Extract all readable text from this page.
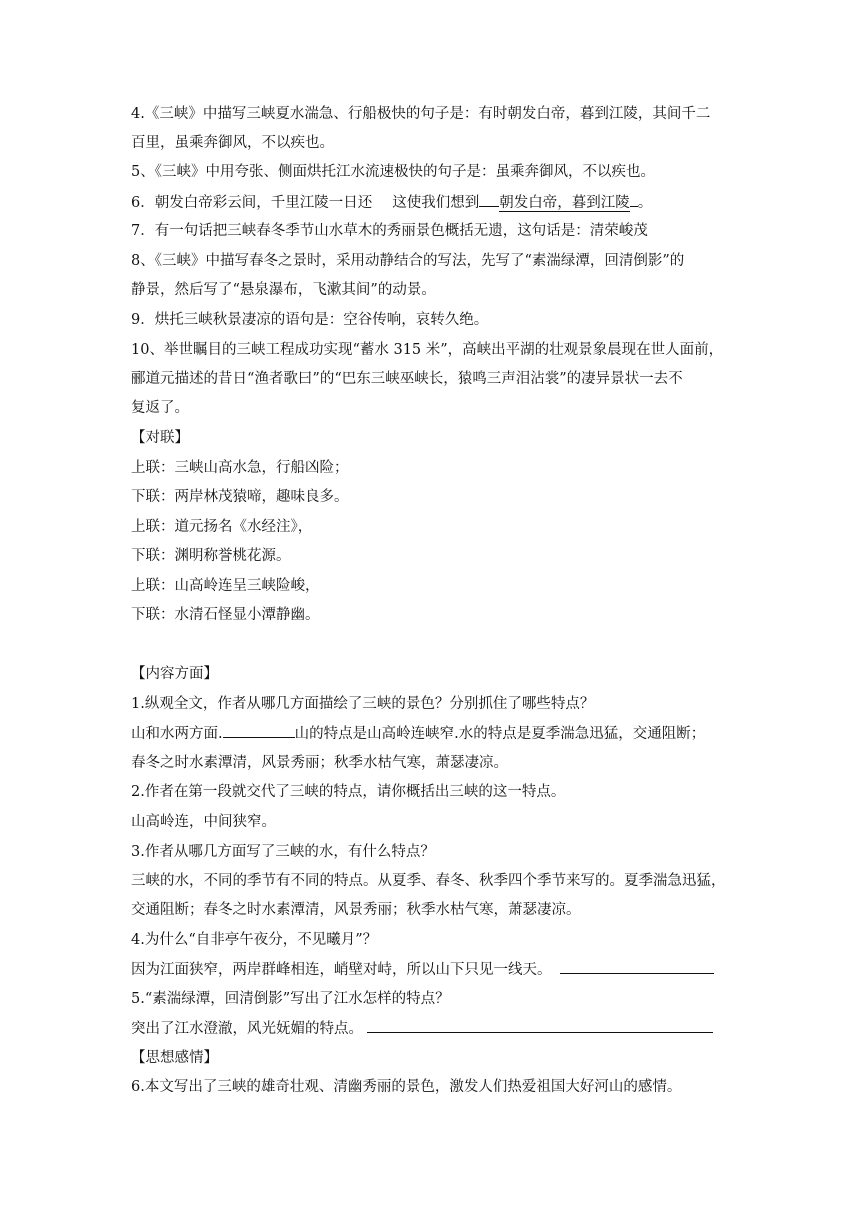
4.《三峡》中描写三峡夏水湍急、行船极快的句子是：有时朝发白帝，暮到江陵，其间千二
百里，虽乘奔御风，不以疾也。
5、《三峡》中用夸张、侧面烘托江水流速极快的句子是：虽乘奔御风，不以疾也。
6．朝发白帝彩云间，千里江陵一日还 这使我们想到 朝发白帝，暮到江陵 。
7．有一句话把三峡春冬季节山水草木的秀丽景色概括无遗，这句话是：清荣峻茂
8、《三峡》中描写春冬之景时，采用动静结合的写法，先写了“素湍绿潭，回清倒影”的
静景，然后写了“悬泉瀑布，飞漱其间”的动景。
9．烘托三峡秋景凄凉的语句是：空谷传响，哀转久绝。
10、举世瞩目的三峡工程成功实现“蓄水 315 米”，高峡出平湖的壮观景象晨现在世人面前，
郦道元描述的昔日“渔者歌曰”的“巴东三峡巫峡长，猿鸣三声泪沾裳”的凄异景状一去不
复返了。
【对联】
上联：三峡山高水急，行船凶险；
下联：两岸林茂猿啼，趣味良多。
上联：道元扬名《水经注》，
下联：渊明称誉桃花源。
上联：山高岭连呈三峡险峻，
下联：水清石怪显小潭静幽。
【内容方面】
1.纵观全文，作者从哪几方面描绘了三峡的景色？分别抓住了哪些特点？
山和水两方面.	山的特点是山高岭连峡窄.水的特点是夏季湍急迅猛，交通阻断；
春冬之时水素潭清，风景秀丽；秋季水枯气寒，萧瑟凄凉。
2.作者在第一段就交代了三峡的特点，请你概括出三峡的这一特点。
山高岭连，中间狭窄。
3.作者从哪几方面写了三峡的水，有什么特点？
三峡的水，不同的季节有不同的特点。从夏季、春冬、秋季四个季节来写的。夏季湍急迅猛，
交通阻断；春冬之时水素潭清，风景秀丽；秋季水枯气寒，萧瑟凄凉。
4.为什么“自非亭午夜分，不见曦月”？
因为江面狭窄，两岸群峰相连，峭壁对峙，所以山下只见一线天。
5.“素湍绿潭，回清倒影”写出了江水怎样的特点？
突出了江水澄澈，风光妩媚的特点。
【思想感情】
6.本文写出了三峡的雄奇壮观、清幽秀丽的景色，激发人们热爱祖国大好河山的感情。
